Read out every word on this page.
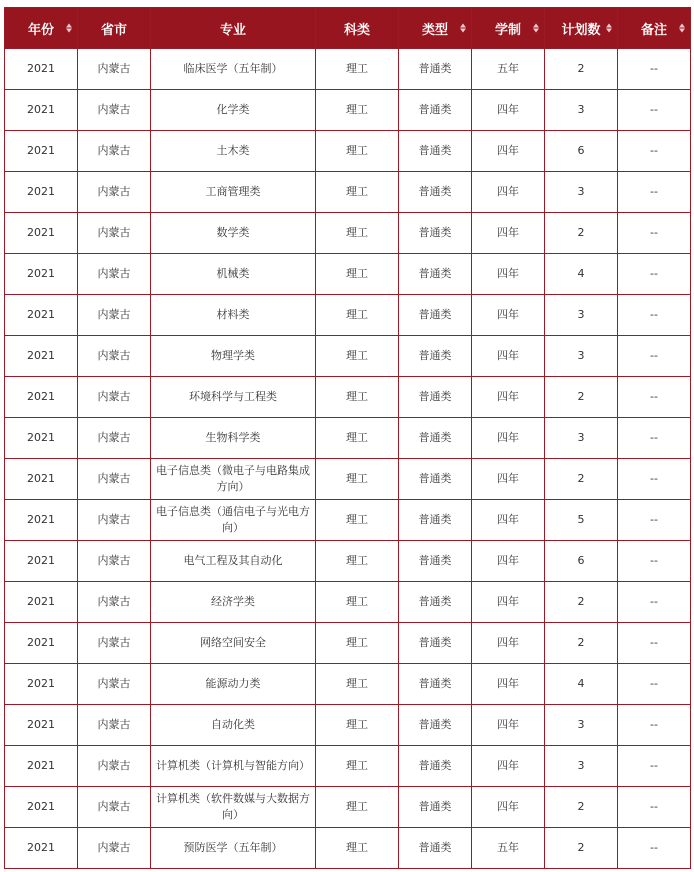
年份	省市	专业	科类	类型	学制	计划数	备注

2021	内蒙古	临床医学（五年制）	理工	普通类	五年	2	--
2021	内蒙古	化学类	理工	普通类	四年	3	--
2021	内蒙古	土木类	理工	普通类	四年	6	--
2021	内蒙古	工商管理类	理工	普通类	四年	3	--
2021	内蒙古	数学类	理工	普通类	四年	2	--
2021	内蒙古	机械类	理工	普通类	四年	4	--
2021	内蒙古	材料类	理工	普通类	四年	3	--
2021	内蒙古	物理学类	理工	普通类	四年	3	--
2021	内蒙古	环境科学与工程类	理工	普通类	四年	2	--
2021	内蒙古	生物科学类	理工	普通类	四年	3	--
2021	内蒙古	电子信息类（微电子与电路集成方向）	理工	普通类	四年	2	--
2021	内蒙古	电子信息类（通信电子与光电方向）	理工	普通类	四年	5	--
2021	内蒙古	电气工程及其自动化	理工	普通类	四年	6	--
2021	内蒙古	经济学类	理工	普通类	四年	2	--
2021	内蒙古	网络空间安全	理工	普通类	四年	2	--
2021	内蒙古	能源动力类	理工	普通类	四年	4	--
2021	内蒙古	自动化类	理工	普通类	四年	3	--
2021	内蒙古	计算机类（计算机与智能方向）	理工	普通类	四年	3	--
2021	内蒙古	计算机类（软件数媒与大数据方向）	理工	普通类	四年	2	--
2021	内蒙古	预防医学（五年制）	理工	普通类	五年	2	--
